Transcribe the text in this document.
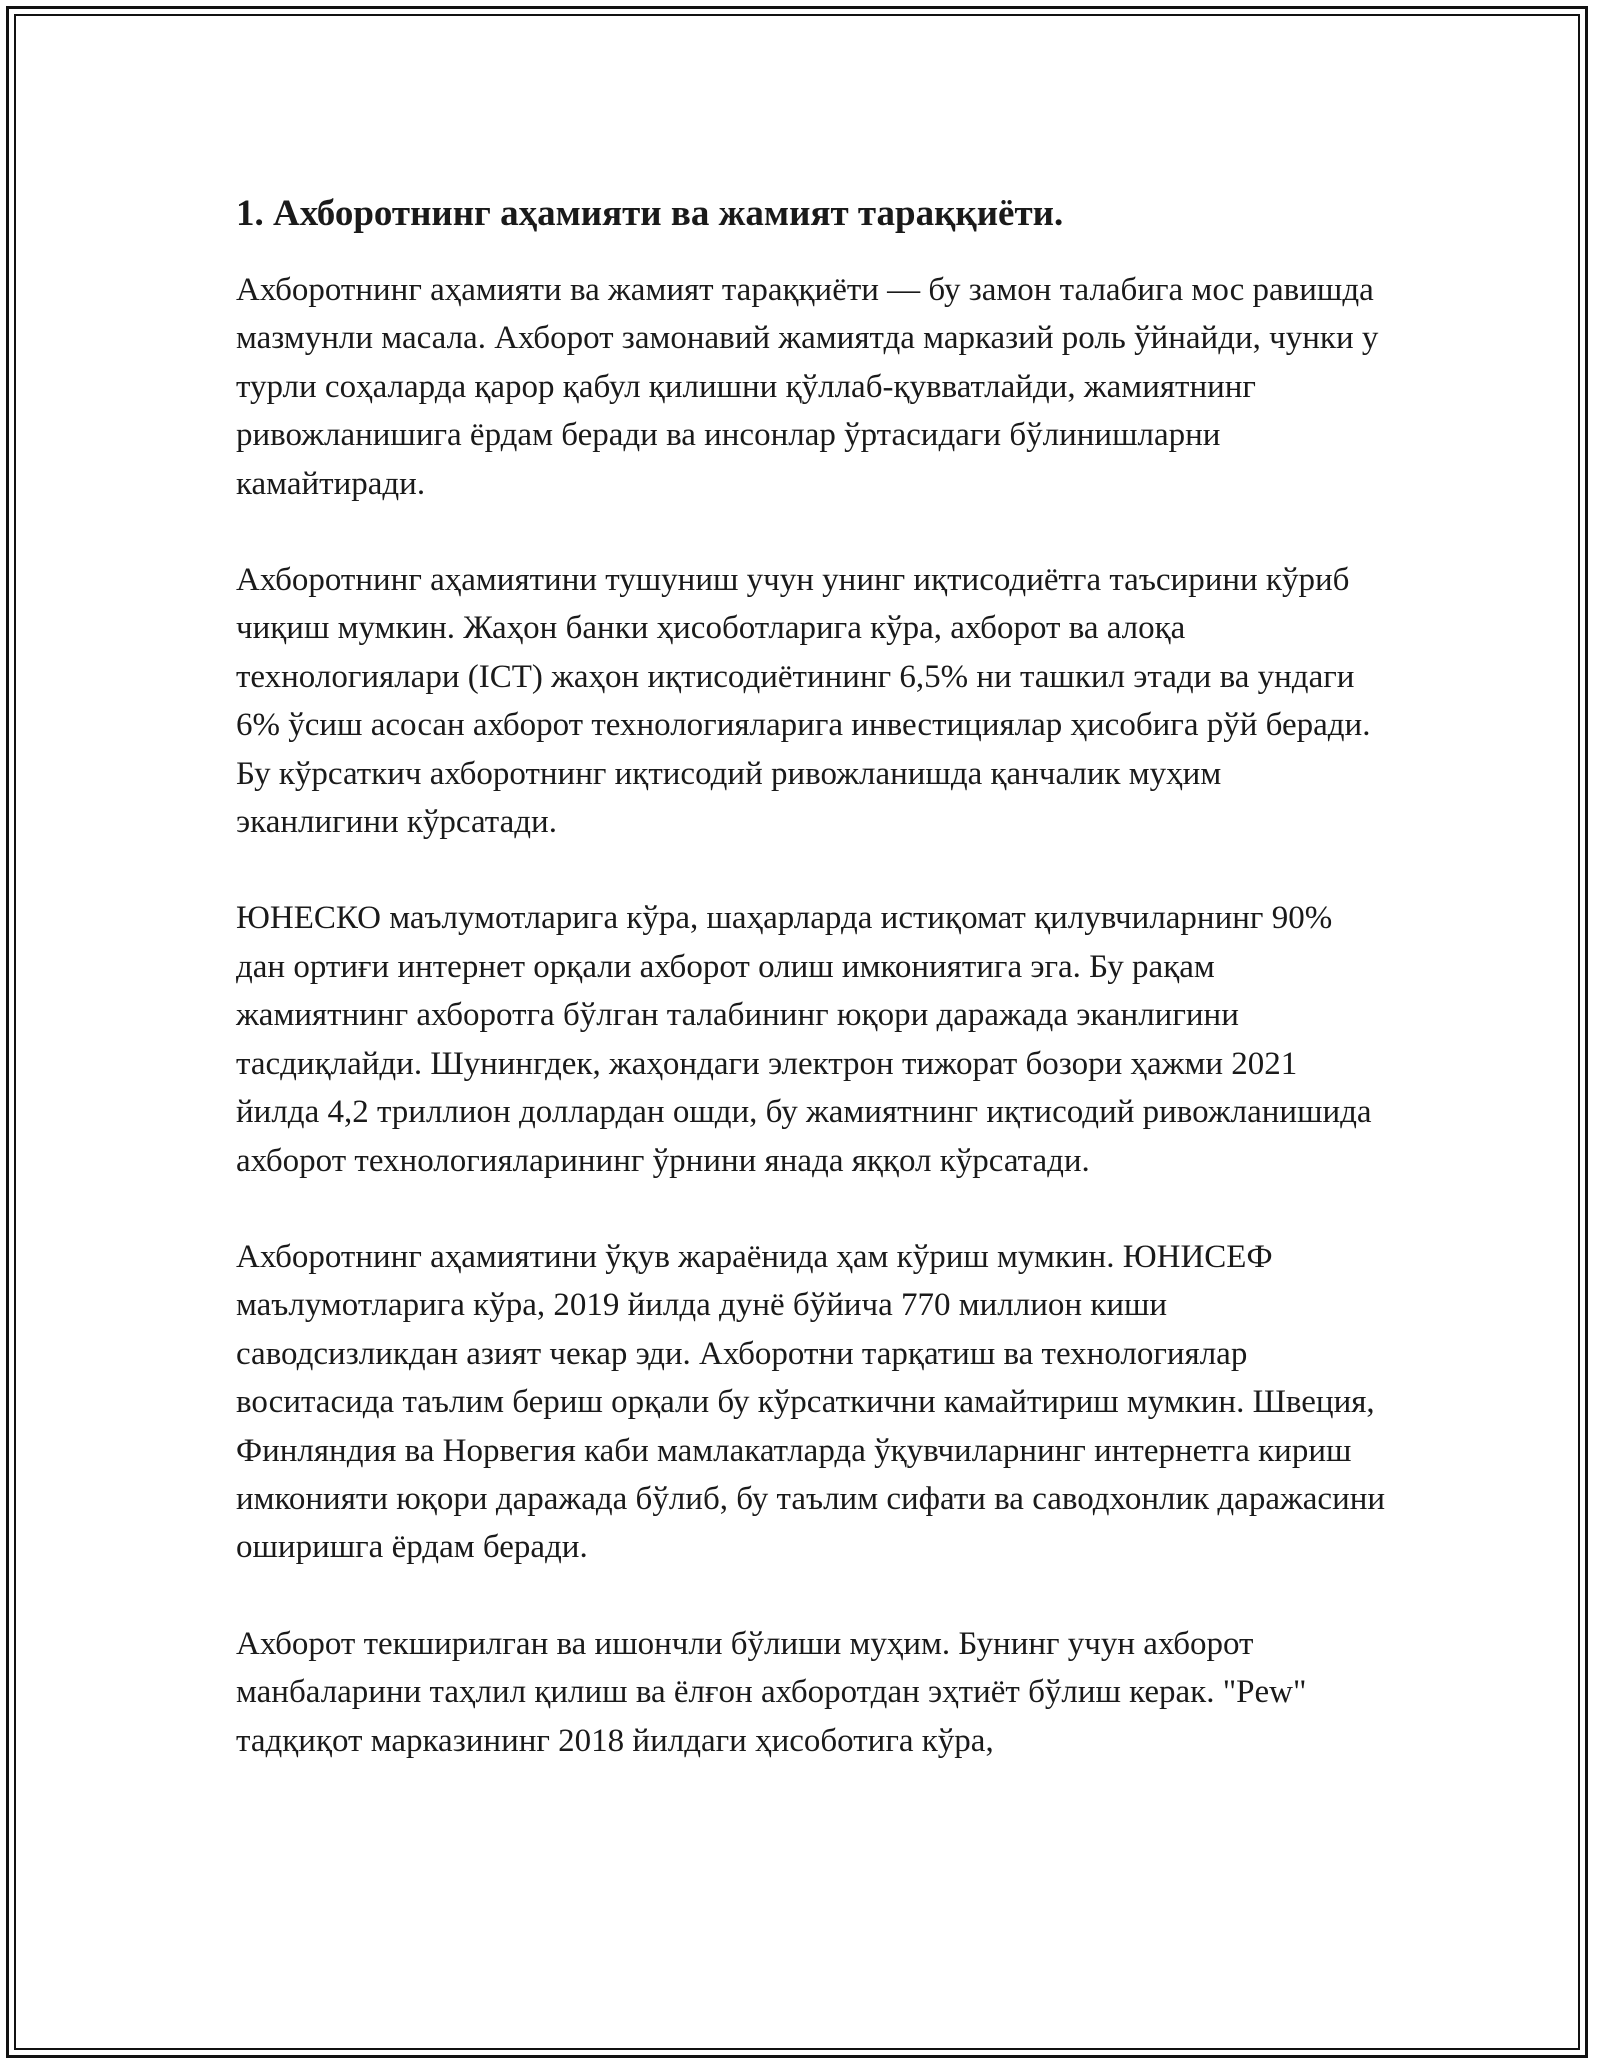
1. Ахборотнинг аҳамияти ва жамият тараққиёти.

Ахборотнинг аҳамияти ва жамият тараққиёти — бу замон талабига мос равишда мазмунли масала. Ахборот замонавий жамиятда марказий роль ўйнайди, чунки у турли соҳаларда қарор қабул қилишни қўллаб-қувватлайди, жамиятнинг ривожланишига ёрдам беради ва инсонлар ўртасидаги бўлинишларни камайтиради.

Ахборотнинг аҳамиятини тушуниш учун унинг иқтисодиётга таъсирини кўриб чиқиш мумкин. Жаҳон банки ҳисоботларига кўра, ахборот ва алоқа технологиялари (ICT) жаҳон иқтисодиётининг 6,5% ни ташкил этади ва ундаги 6% ўсиш асосан ахборот технологияларига инвестициялар ҳисобига рўй беради. Бу кўрсаткич ахборотнинг иқтисодий ривожланишда қанчалик муҳим эканлигини кўрсатади.

ЮНЕСКО маълумотларига кўра, шаҳарларда истиқомат қилувчиларнинг 90% дан ортиғи интернет орқали ахборот олиш имкониятига эга. Бу рақам жамиятнинг ахборотга бўлган талабининг юқори даражада эканлигини тасдиқлайди. Шунингдек, жаҳондаги электрон тижорат бозори ҳажми 2021 йилда 4,2 триллион доллардан ошди, бу жамиятнинг иқтисодий ривожланишида ахборот технологияларининг ўрнини янада яққол кўрсатади.

Ахборотнинг аҳамиятини ўқув жараёнида ҳам кўриш мумкин. ЮНИСЕФ маълумотларига кўра, 2019 йилда дунё бўйича 770 миллион киши саводсизликдан азият чекар эди. Ахборотни тарқатиш ва технологиялар воситасида таълим бериш орқали бу кўрсаткични камайтириш мумкин. Швеция, Финляндия ва Норвегия каби мамлакатларда ўқувчиларнинг интернетга кириш имконияти юқори даражада бўлиб, бу таълим сифати ва саводхонлик даражасини оширишга ёрдам беради.

Ахборот текширилган ва ишончли бўлиши муҳим. Бунинг учун ахборот манбаларини таҳлил қилиш ва ёлғон ахборотдан эҳтиёт бўлиш керак. "Pew" тадқиқот марказининг 2018 йилдаги ҳисоботига кўра,
